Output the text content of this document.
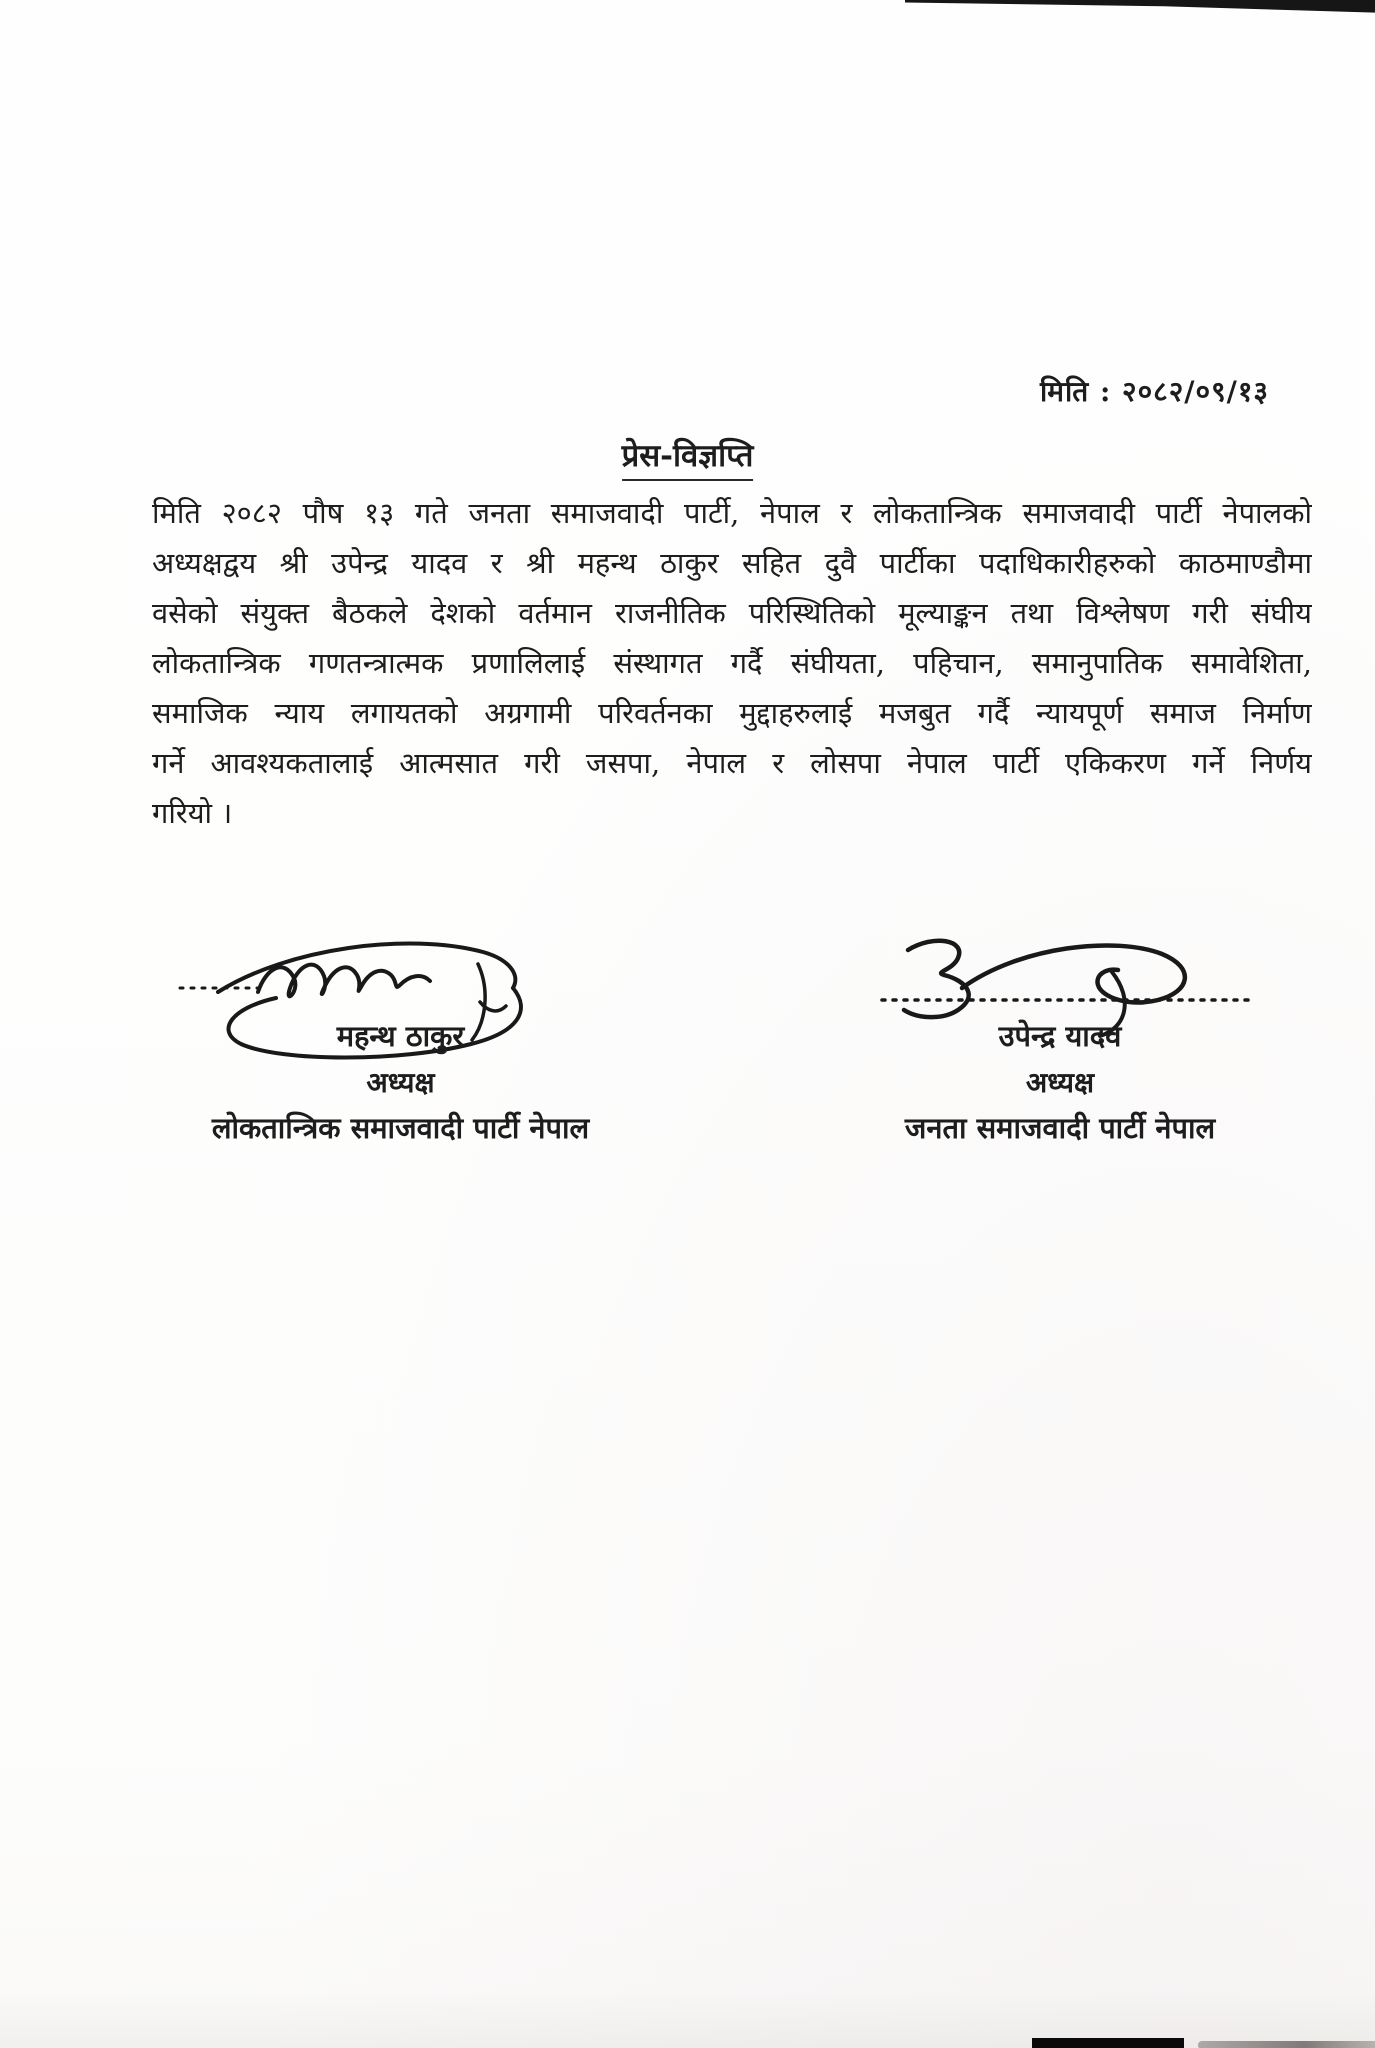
मिति : २०८२/०९/१३
प्रेस-विज्ञप्ति
मिति २०८२ पौष १३ गते जनता समाजवादी पार्टी, नेपाल र लोकतान्त्रिक समाजवादी पार्टी नेपालको
अध्यक्षद्वय श्री उपेन्द्र यादव र श्री महन्थ ठाकुर सहित दुवै पार्टीका पदाधिकारीहरुको काठमाण्डौमा
वसेको संयुक्त बैठकले देशको वर्तमान राजनीतिक परिस्थितिको मूल्याङ्कन तथा विश्लेषण गरी संघीय
लोकतान्त्रिक गणतन्त्रात्मक प्रणालिलाई संस्थागत गर्दै संघीयता, पहिचान, समानुपातिक समावेशिता,
समाजिक न्याय लगायतको अग्रगामी परिवर्तनका मुद्दाहरुलाई मजबुत गर्दै न्यायपूर्ण समाज निर्माण
गर्ने आवश्यकतालाई आत्मसात गरी जसपा, नेपाल र लोसपा नेपाल पार्टी एकिकरण गर्ने निर्णय
गरियो ।
महन्थ ठाकुर
अध्यक्ष
लोकतान्त्रिक समाजवादी पार्टी नेपाल
उपेन्द्र यादव
अध्यक्ष
जनता समाजवादी पार्टी नेपाल
